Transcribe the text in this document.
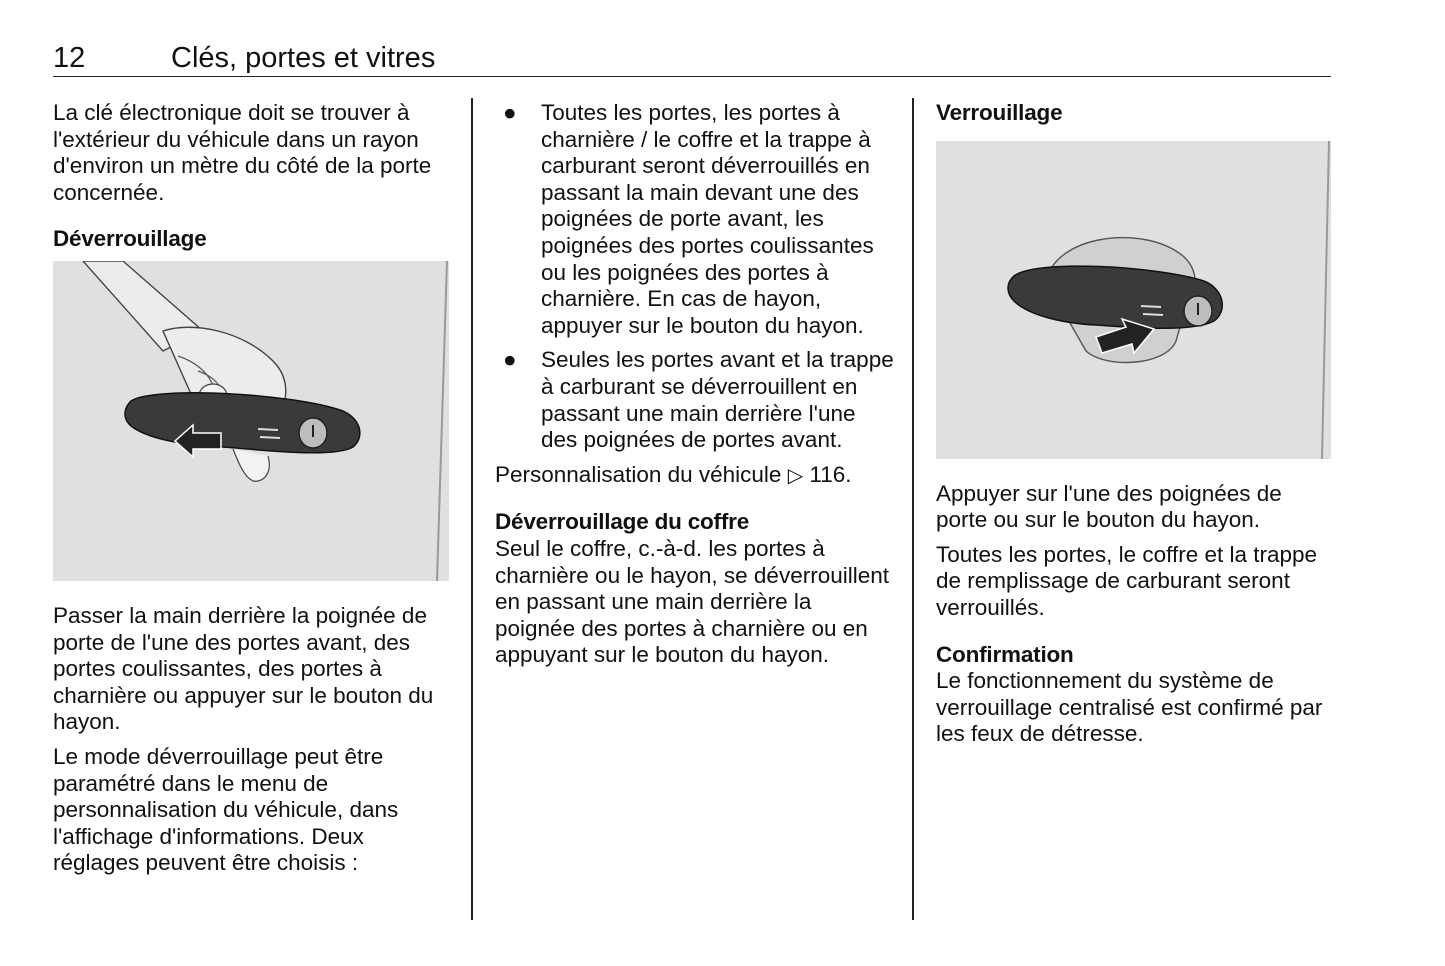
12	Clés, portes et vitres

La clé électronique doit se trouver à l'extérieur du véhicule dans un rayon d'environ un mètre du côté de la porte concernée.

Déverrouillage

Passer la main derrière la poignée de porte de l'une des portes avant, des portes coulissantes, des portes à charnière ou appuyer sur le bouton du hayon.

Le mode déverrouillage peut être paramétré dans le menu de personnalisation du véhicule, dans l'affichage d'informations. Deux réglages peuvent être choisis :

● Toutes les portes, les portes à charnière / le coffre et la trappe à carburant seront déverrouillés en passant la main devant une des poignées de porte avant, les poignées des portes coulissantes ou les poignées des portes à charnière. En cas de hayon, appuyer sur le bouton du hayon.
● Seules les portes avant et la trappe à carburant se déverrouillent en passant une main derrière l'une des poignées de portes avant.

Personnalisation du véhicule ▷ 116.

Déverrouillage du coffre

Seul le coffre, c.-à-d. les portes à charnière ou le hayon, se déverrouillent en passant une main derrière la poignée des portes à charnière ou en appuyant sur le bouton du hayon.

Verrouillage

Appuyer sur l'une des poignées de porte ou sur le bouton du hayon.

Toutes les portes, le coffre et la trappe de remplissage de carburant seront verrouillés.

Confirmation

Le fonctionnement du système de verrouillage centralisé est confirmé par les feux de détresse.
